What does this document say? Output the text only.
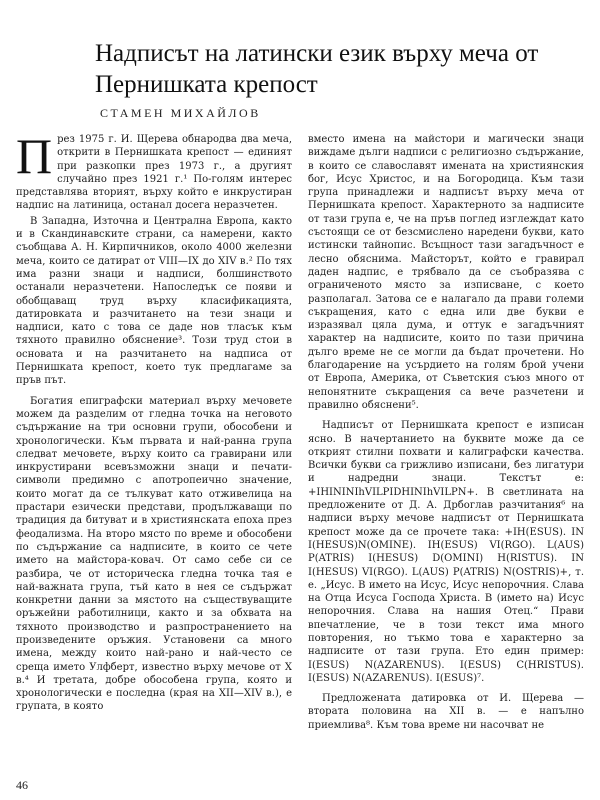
Надписът на латински език върху меча от Пернишката крепост
СТАМЕН МИХАЙЛОВ

През 1975 г. И. Щерева обнародва два меча, открити в Пернишката крепост — единият при разкопки през 1973 г., а другият случайно през 1921 г.¹ По-голям интерес представлява вторият, върху който е инкрустиран надпис на латиница, останал досега неразчетен.

В Западна, Източна и Централна Европа, както и в Скандинавските страни, са намерени, както съобщава А. Н. Кирпичников, около 4000 железни меча, които се датират от VIII—IX до XIV в.² По тях има разни знаци и надписи, болшинството останали неразчетени. Напоследък се появи и обобщаващ труд върху класификацията, датировката и разчитането на тези знаци и надписи, като с това се даде нов тласък към тяхното правилно обяснение³. Този труд стои в основата и на разчитането на надписа от Пернишката крепост, което тук предлагаме за пръв път.

Богатия епиграфски материал върху мечовете можем да разделим от гледна точка на неговото съдържание на три основни групи, обособени и хронологически. Към първата и най-ранна група следват мечовете, върху които са гравирани или инкрустирани всевъзможни знаци и печати-символи предимно с апотропеично значение, които могат да се тълкуват като отживелица на прастари езически представи, продължаващи по традиция да битуват и в християнската епоха през феодализма. На второ място по време и обособени по съдържание са надписите, в които се чете името на майстора-ковач. От само себе си се разбира, че от историческа гледна точка тая е най-важната група, тъй като в нея се съдържат конкретни данни за мястото на съществуващите оръжейни работилници, както и за обхвата на тяхното производство и разпространението на произведените оръжия. Установени са много имена, между които най-рано и най-често се среща името Улфберт, известно върху мечове от X в.⁴ И третата, добре обособена група, която и хронологически е последна (края на XII—XIV в.), е групата, в която

вместо имена на майстори и магически знаци виждаме дълги надписи с религиозно съдържание, в които се славославят имената на християнския бог, Исус Христос, и на Богородица. Към тази група принадлежи и надписът върху меча от Пернишката крепост. Характерното за надписите от тази група е, че на пръв поглед изглеждат като състоящи се от безсмислено наредени букви, като истински тайнопис. Всъщност тази загадъчност е лесно обяснима. Майсторът, който е гравирал даден надпис, е трябвало да се съобразява с ограниченото място за изписване, с което разполагал. Затова се е налагало да прави големи съкращения, като с една или две букви е изразявал цяла дума, и оттук е загадъчният характер на надписите, които по тази причина дълго време не се могли да бъдат прочетени. Но благодарение на усърдието на голям брой учени от Европа, Америка, от Съветския съюз много от непонятните съкращения са вече разчетени и правилно обяснени⁵.

Надписът от Пернишката крепост е изписан ясно. В начертанието на буквите може да се открият стилни похвати и калиграфски качества. Всички букви са грижливо изписани, без лигатури и надредни знаци. Текстът е: +IHININIhVILPIDHINIhVILPN+. В светлината на предложените от Д. А. Дрбоглав разчитания⁶ на надписи върху мечове надписът от Пернишката крепост може да се прочете така: +IH(ESUS). IN I(HESUS)N(OMINE). IH(ESUS) VI(RGO). L(AUS) P(ATRIS) I(HESUS) D(OMINI) H(RISTUS). IN I(HESUS) VI(RGO). L(AUS) P(ATRIS) N(OSTRIS)+, т. е. „Исус. В името на Исус, Исус непорочния. Слава на Отца Исуса Господа Христа. В (името на) Исус непорочния. Слава на нашия Отец.“ Прави впечатление, че в този текст има много повторения, но тъкмо това е характерно за надписите от тази група. Ето един пример: I(ESUS) N(AZARENUS). I(ESUS) C(HRISTUS). I(ESUS) N(AZARENUS). I(ESUS)⁷.

Предложената датировка от И. Щерева — втората половина на XII в. — е напълно приемлива⁸. Към това време ни насочват не

46
